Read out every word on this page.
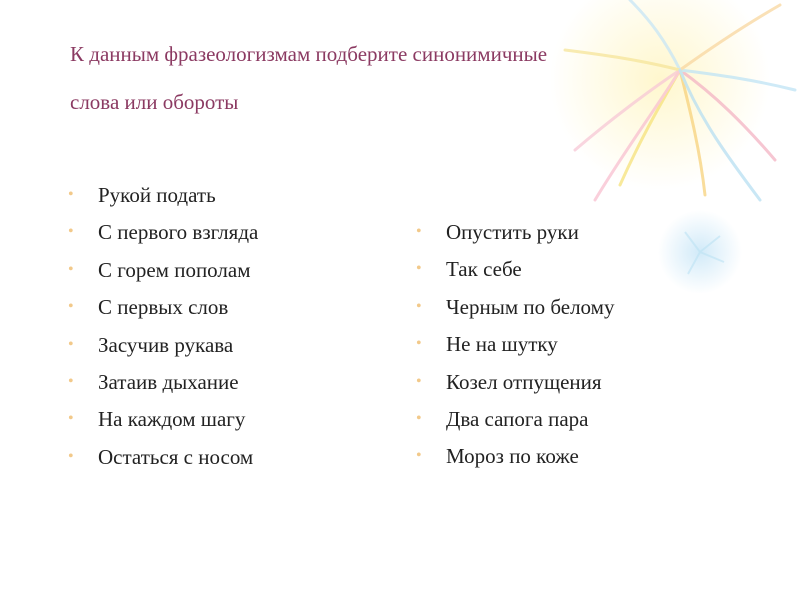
К данным фразеологизмам подберите синонимичные
слова или обороты
•	Рукой подать
•	С первого взгляда
•	С горем пополам
•	С первых слов
•	Засучив рукава
•	Затаив дыхание
•	На каждом шагу
•	Остаться с носом
•	Опустить руки
•	Так себе
•	Черным по белому
•	Не на шутку
•	Козел отпущения
•	Два сапога пара
•	Мороз по коже
